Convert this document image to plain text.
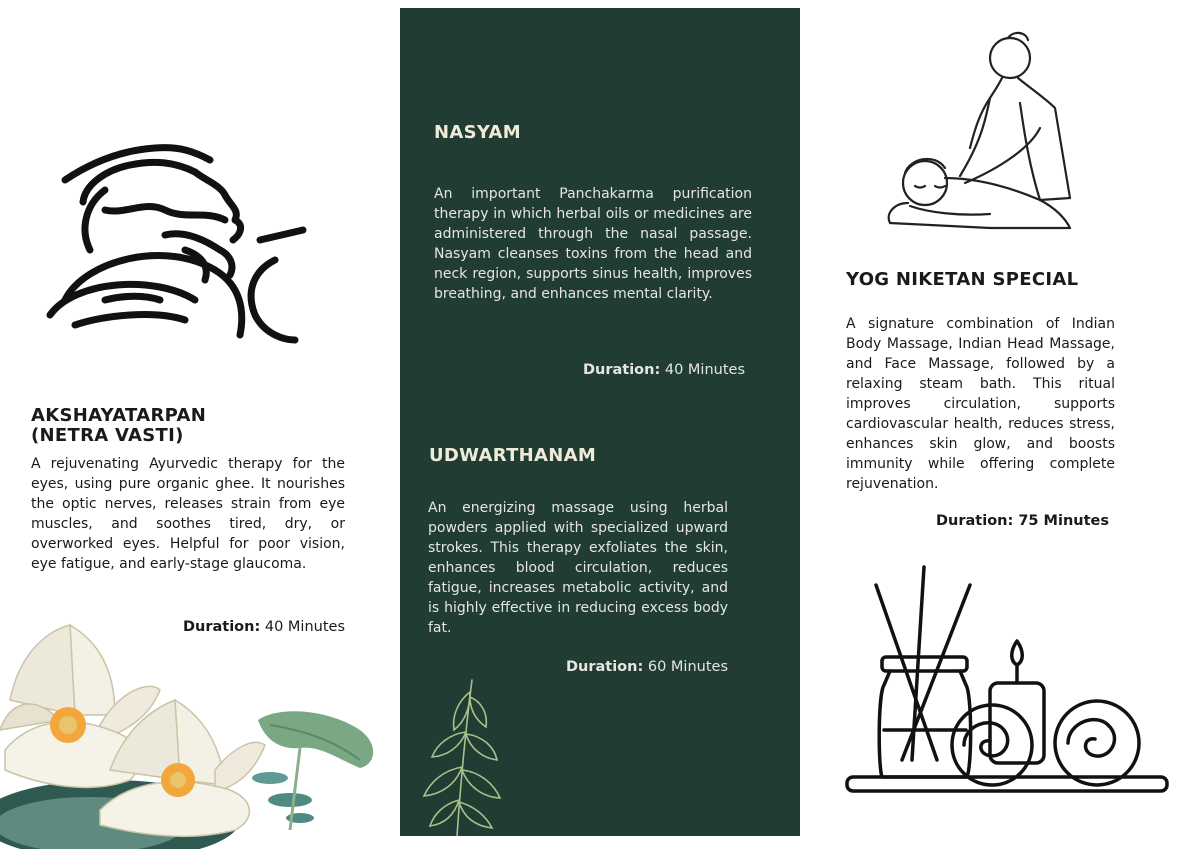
AKSHAYATARPAN
(NETRA VASTI)

A rejuvenating Ayurvedic therapy for the eyes, using pure organic ghee. It nourishes the optic nerves, releases strain from eye muscles, and soothes tired, dry, or overworked eyes. Helpful for poor vision, eye fatigue, and early-stage glaucoma.

Duration: 40 Minutes

NASYAM

An important Panchakarma purification therapy in which herbal oils or medicines are administered through the nasal passage. Nasyam cleanses toxins from the head and neck region, supports sinus health, improves breathing, and enhances mental clarity.

Duration: 40 Minutes

UDWARTHANAM

An energizing massage using herbal powders applied with specialized upward strokes. This therapy exfoliates the skin, enhances blood circulation, reduces fatigue, increases metabolic activity, and is highly effective in reducing excess body fat.

Duration: 60 Minutes

YOG NIKETAN SPECIAL

A signature combination of Indian Body Massage, Indian Head Massage, and Face Massage, followed by a relaxing steam bath. This ritual improves circulation, supports cardiovascular health, reduces stress, enhances skin glow, and boosts immunity while offering complete rejuvenation.

Duration: 75 Minutes
